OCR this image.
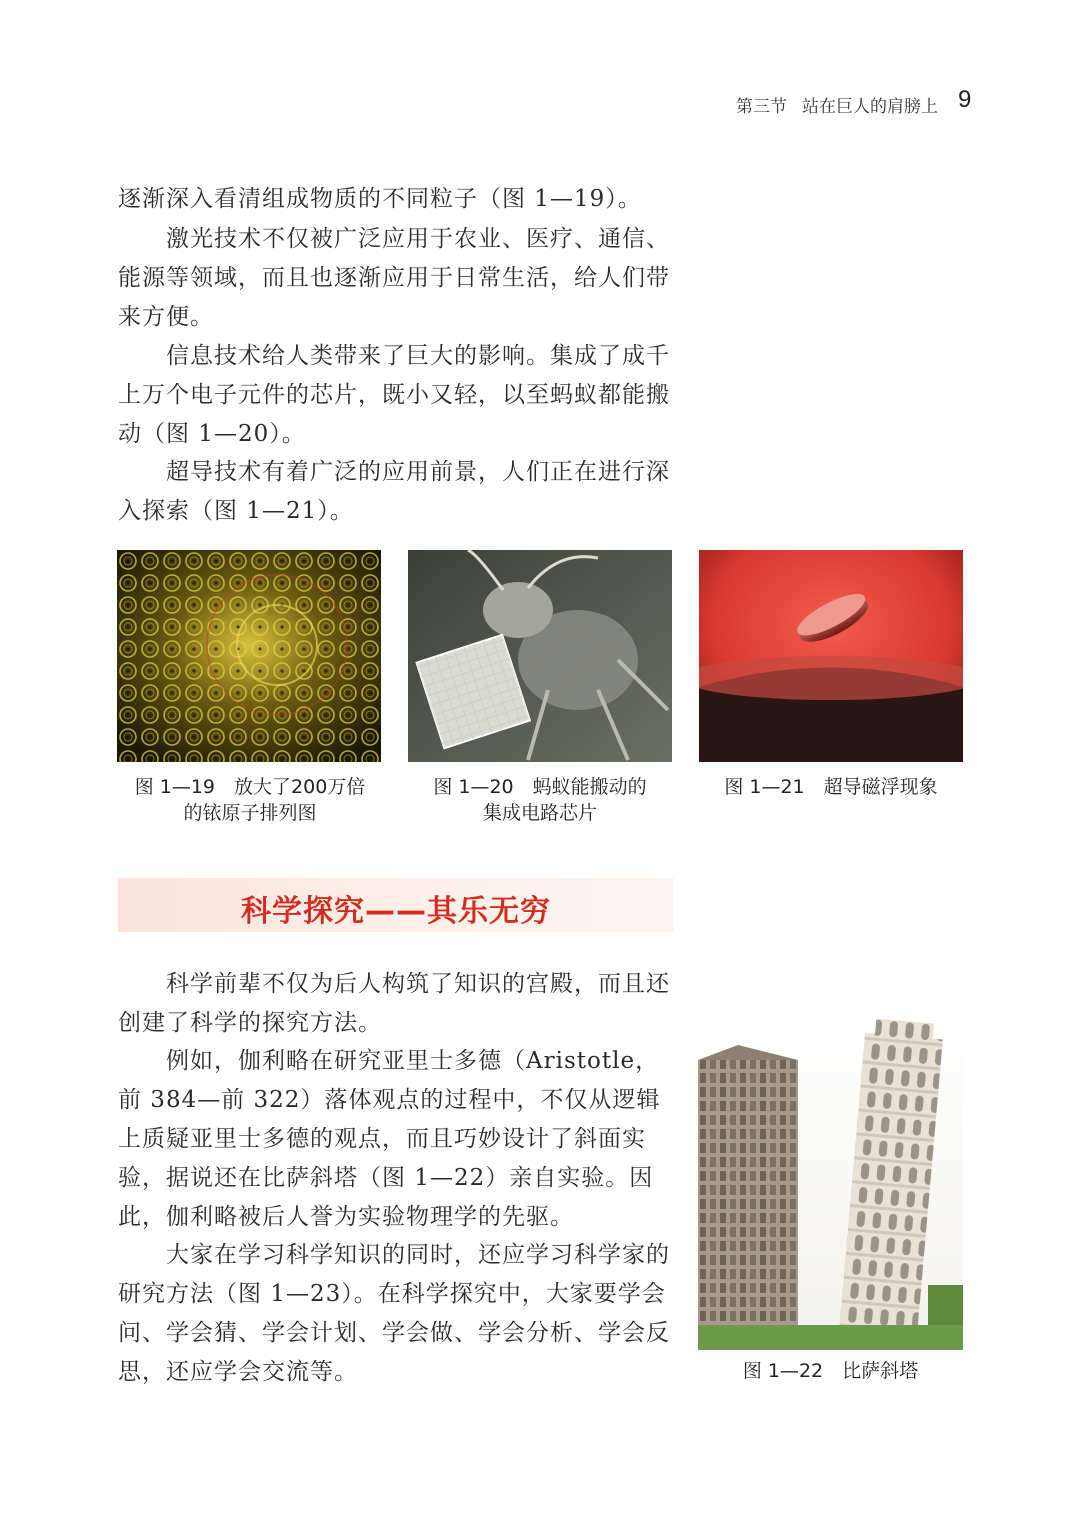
第三节 站在巨人的肩膀上 9
逐渐深入看清组成物质的不同粒子（图 1—19）。
　　激光技术不仅被广泛应用于农业、医疗、通信、能源等领域，而且也逐渐应用于日常生活，给人们带来方便。
　　信息技术给人类带来了巨大的影响。集成了成千上万个电子元件的芯片，既小又轻，以至蚂蚁都能搬动（图 1—20）。
　　超导技术有着广泛的应用前景，人们正在进行深入探索（图 1—21）。
图 1—19　 放大了200万倍
的铱原子排列图
图 1—20　 蚂蚁能搬动的
集成电路芯片
图 1—21　 超导磁浮现象
科学探究——其乐无穷
　　科学前辈不仅为后人构筑了知识的宫殿，而且还创建了科学的探究方法。
　　例如，伽利略在研究亚里士多德（Aristotle，前 384—前 322）落体观点的过程中，不仅从逻辑上质疑亚里士多德的观点，而且巧妙设计了斜面实验，据说还在比萨斜塔（图 1—22）亲自实验。因此，伽利略被后人誉为实验物理学的先驱。
　　大家在学习科学知识的同时，还应学习科学家的研究方法（图 1—23）。在科学探究中，大家要学会问、学会猜、学会计划、学会做、学会分析、学会反思，还应学会交流等。	图 1—22　 比萨斜塔
